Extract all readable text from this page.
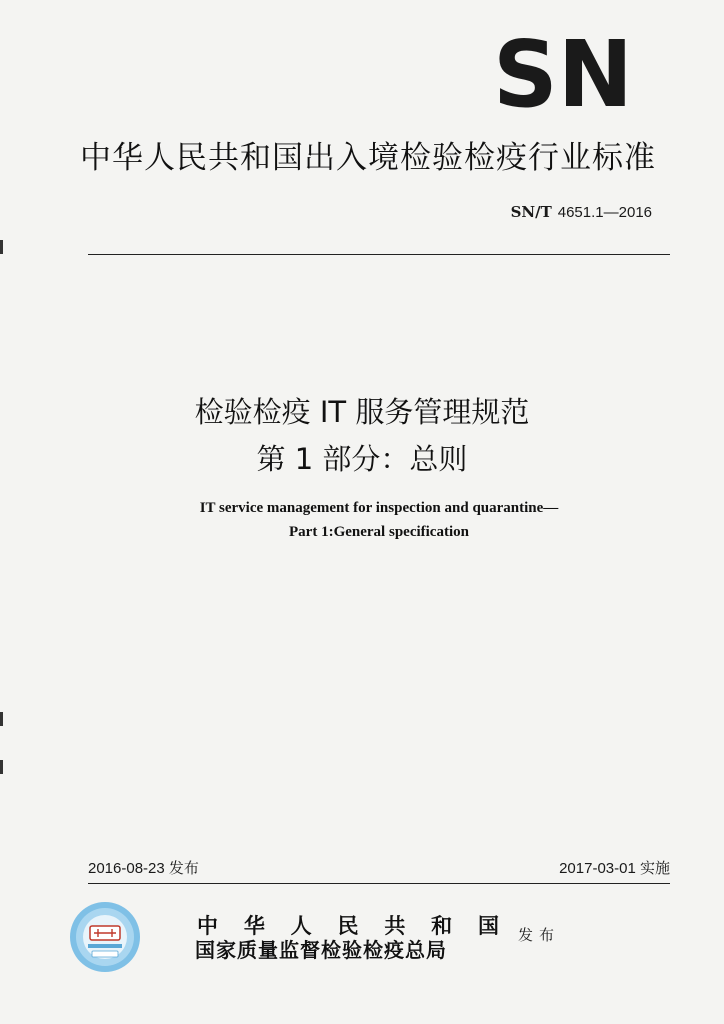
SN
中华人民共和国出入境检验检疫行业标准
SN/T 4651.1—2016
检验检疫 IT 服务管理规范
第 1 部分：总则
IT service management for inspection and quarantine—
Part 1:General specification
2016-08-23 发布	2017-03-01 实施
中 华 人 民 共 和 国
国家质量监督检验检疫总局
发布
